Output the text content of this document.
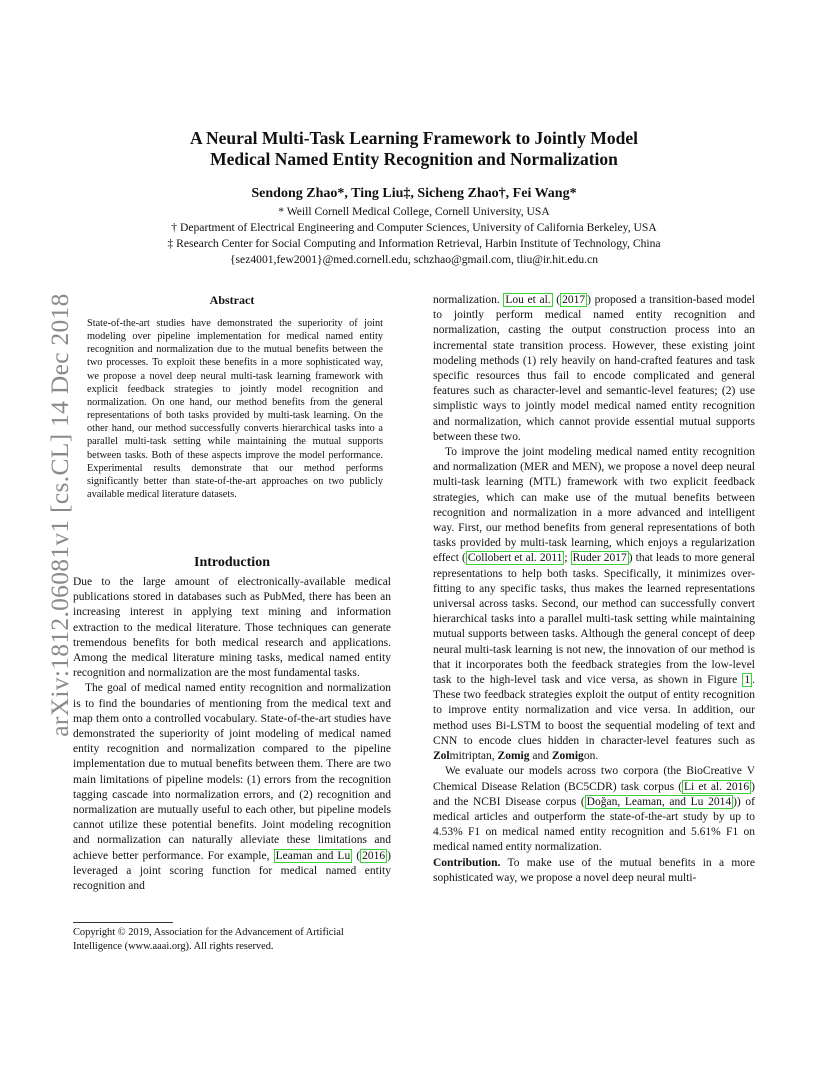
arXiv:1812.06081v1 [cs.CL] 14 Dec 2018
A Neural Multi-Task Learning Framework to Jointly Model
Medical Named Entity Recognition and Normalization
Sendong Zhao*, Ting Liu‡, Sicheng Zhao†, Fei Wang*
* Weill Cornell Medical College, Cornell University, USA
† Department of Electrical Engineering and Computer Sciences, University of California Berkeley, USA
‡ Research Center for Social Computing and Information Retrieval, Harbin Institute of Technology, China
{sez4001,few2001}@med.cornell.edu, schzhao@gmail.com, tliu@ir.hit.edu.cn
Abstract
State-of-the-art studies have demonstrated the superiority of joint modeling over pipeline implementation for medical named entity recognition and normalization due to the mutual benefits between the two processes. To exploit these benefits in a more sophisticated way, we propose a novel deep neural multi-task learning framework with explicit feedback strategies to jointly model recognition and normalization. On one hand, our method benefits from the general representations of both tasks provided by multi-task learning. On the other hand, our method successfully converts hierarchical tasks into a parallel multi-task setting while maintaining the mutual supports between tasks. Both of these aspects improve the model performance. Experimental results demonstrate that our method performs significantly better than state-of-the-art approaches on two publicly available medical literature datasets.
Introduction

Due to the large amount of electronically-available medical publications stored in databases such as PubMed, there has been an increasing interest in applying text mining and information extraction to the medical literature. Those techniques can generate tremendous benefits for both medical research and applications. Among the medical literature mining tasks, medical named entity recognition and normalization are the most fundamental tasks.

The goal of medical named entity recognition and normalization is to find the boundaries of mentioning from the medical text and map them onto a controlled vocabulary. State-of-the-art studies have demonstrated the superiority of joint modeling of medical named entity recognition and normalization compared to the pipeline implementation due to mutual benefits between them. There are two main limitations of pipeline models: (1) errors from the recognition tagging cascade into normalization errors, and (2) recognition and normalization are mutually useful to each other, but pipeline models cannot utilize these potential benefits. Joint modeling recognition and normalization can naturally alleviate these limitations and achieve better performance. For example, Leaman and Lu ( 2016 ) leveraged a joint scoring function for medical named entity recognition and

Copyright © 2019, Association for the Advancement of Artificial Intelligence (www.aaai.org). All rights reserved.

normalization. Lou et al. ( 2017 ) proposed a transition-based model to jointly perform medical named entity recognition and normalization, casting the output construction process into an incremental state transition process. However, these existing joint modeling methods (1) rely heavily on hand-crafted features and task specific resources thus fail to encode complicated and general features such as character-level and semantic-level features; (2) use simplistic ways to jointly model medical named entity recognition and normalization, which cannot provide essential mutual supports between these two.

To improve the joint modeling medical named entity recognition and normalization (MER and MEN), we propose a novel deep neural multi-task learning (MTL) framework with two explicit feedback strategies, which can make use of the mutual benefits between recognition and normalization in a more advanced and intelligent way. First, our method benefits from general representations of both tasks provided by multi-task learning, which enjoys a regularization effect ( Collobert et al. 2011 ; Ruder 2017 ) that leads to more general representations to help both tasks. Specifically, it minimizes over-fitting to any specific tasks, thus makes the learned representations universal across tasks. Second, our method can successfully convert hierarchical tasks into a parallel multi-task setting while maintaining mutual supports between tasks. Although the general concept of deep neural multi-task learning is not new, the innovation of our method is that it incorporates both the feedback strategies from the low-level task to the high-level task and vice versa, as shown in Figure 1 . These two feedback strategies exploit the output of entity recognition to improve entity normalization and vice versa. In addition, our method uses Bi-LSTM to boost the sequential modeling of text and CNN to encode clues hidden in character-level features such as Zolmitriptan, Zomig and Zomigon.

We evaluate our models across two corpora (the BioCreative V Chemical Disease Relation (BC5CDR) task corpus ( Li et al. 2016 ) and the NCBI Disease corpus ( Doğan, Leaman, and Lu 2014 )) of medical articles and outperform the state-of-the-art study by up to 4.53% F1 on medical named entity recognition and 5.61% F1 on medical named entity normalization.

Contribution. To make use of the mutual benefits in a more sophisticated way, we propose a novel deep neural multi-
